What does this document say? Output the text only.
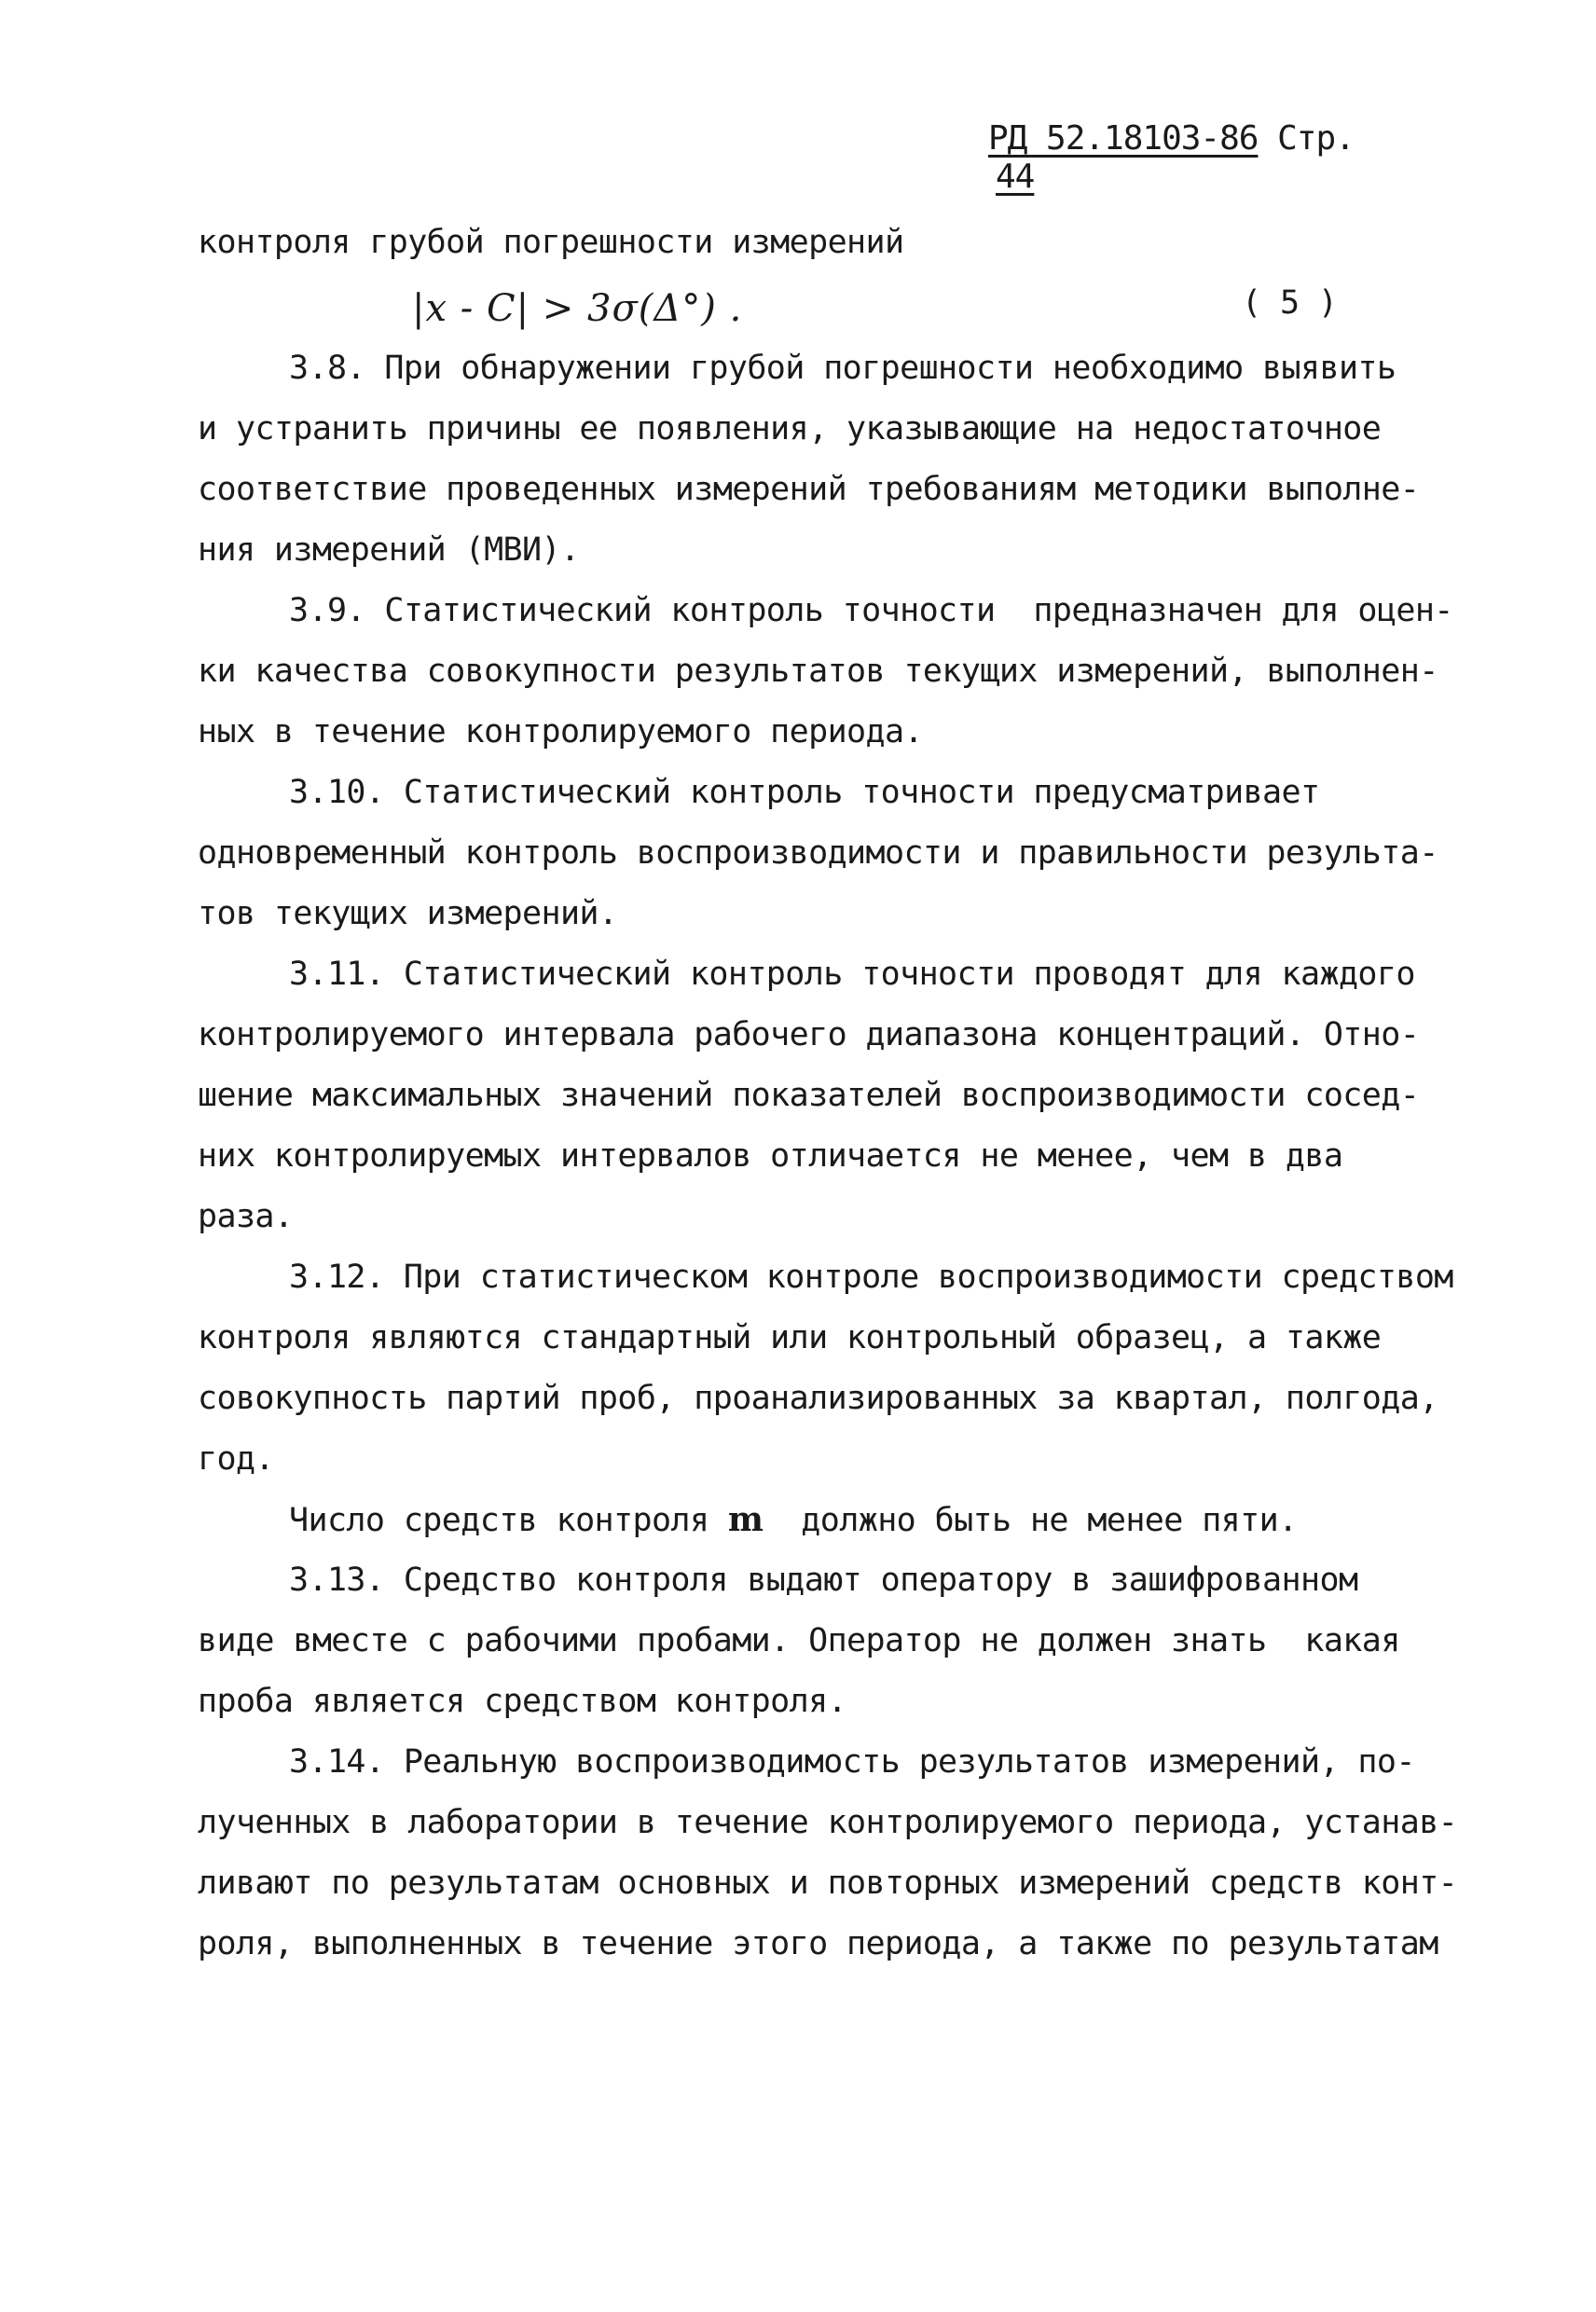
РД 52.18103-86 Стр. 44
контроля грубой погрешности измерений

|x - C| > 3σ(Δ°) .

	( 5 )

3.8. При обнаружении грубой погрешности необходимо выявить
и устранить причины ее появления, указывающие на недостаточное
соответствие проведенных измерений требованиям методики выполне-
ния измерений (МВИ).
3.9. Статистический контроль точности  предназначен для оцен-
ки качества совокупности результатов текущих измерений, выполнен-
ных в течение контролируемого периода.
3.10. Статистический контроль точности предусматривает
одновременный контроль воспроизводимости и правильности результа-
тов текущих измерений.
3.11. Статистический контроль точности проводят для каждого
контролируемого интервала рабочего диапазона концентраций. Отно-
шение максимальных значений показателей воспроизводимости сосед-
них контролируемых интервалов отличается не менее, чем в два
раза.
3.12. При статистическом контроле воспроизводимости средством
контроля являются стандартный или контрольный образец, а также
совокупность партий проб, проанализированных за квартал, полгода,
год.
Число средств контроля m  должно быть не менее пяти.
3.13. Средство контроля выдают оператору в зашифрованном
виде вместе с рабочими пробами. Оператор не должен знать  какая
проба является средством контроля.
3.14. Реальную воспроизводимость результатов измерений, по-
лученных в лаборатории в течение контролируемого периода, устанав-
ливают по результатам основных и повторных измерений средств конт-
роля, выполненных в течение этого периода, а также по результатам
